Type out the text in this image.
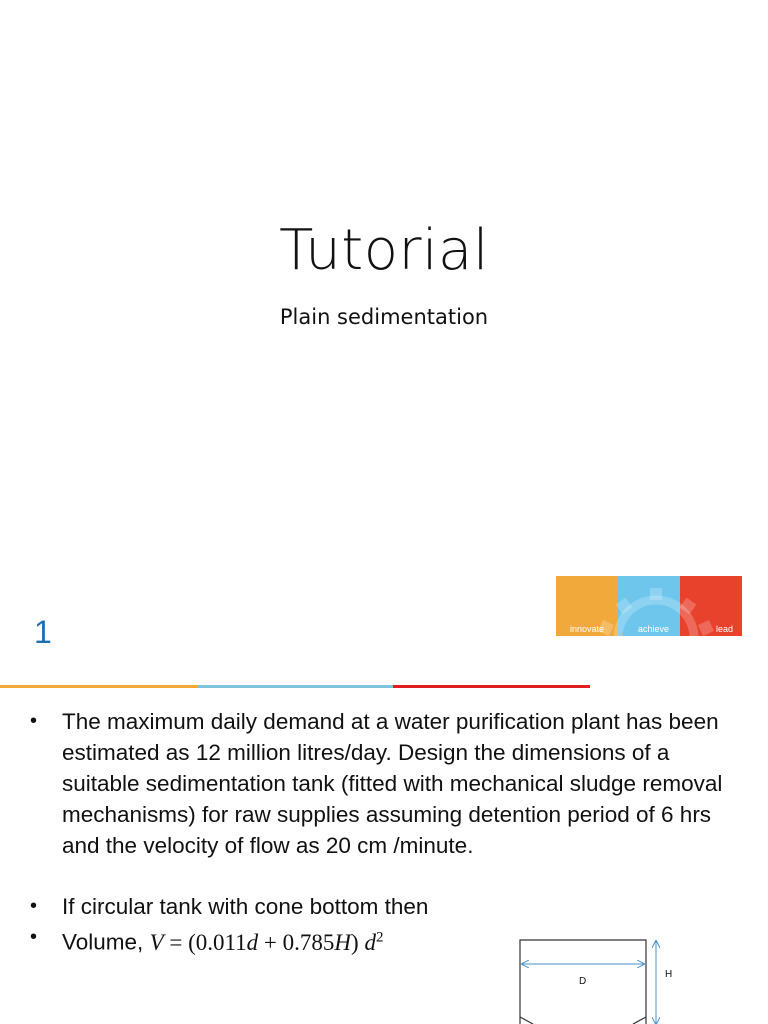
Tutorial
Plain sedimentation
innovate	achieve	lead
1
• The maximum daily demand at a water purification plant has been estimated as 12 million litres/day. Design the dimensions of a suitable sedimentation tank (fitted with mechanical sludge removal mechanisms) for raw supplies assuming detention period of 6 hrs and the velocity of flow as 20 cm /minute.
• If circular tank with cone bottom then
• Volume, V = (0.011d + 0.785H) $d^2$
D
H
